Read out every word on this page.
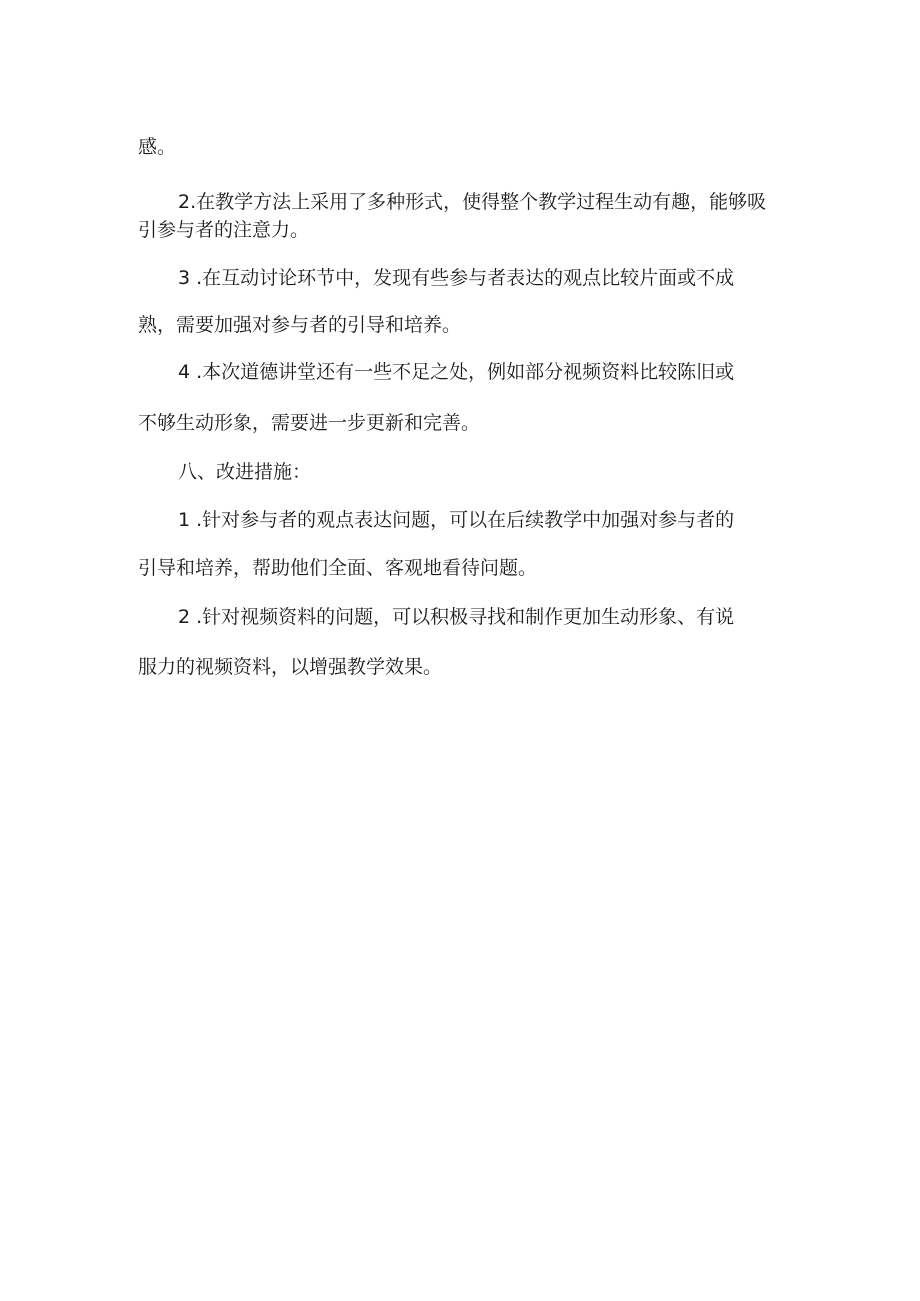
感。
2.在教学方法上采用了多种形式，使得整个教学过程生动有趣，能够吸
引参与者的注意力。
3 .在互动讨论环节中，发现有些参与者表达的观点比较片面或不成
熟，需要加强对参与者的引导和培养。
4 .本次道德讲堂还有一些不足之处，例如部分视频资料比较陈旧或
不够生动形象，需要进一步更新和完善。
八、改进措施：
1 .针对参与者的观点表达问题，可以在后续教学中加强对参与者的
引导和培养，帮助他们全面、客观地看待问题。
2 .针对视频资料的问题，可以积极寻找和制作更加生动形象、有说
服力的视频资料，以增强教学效果。
